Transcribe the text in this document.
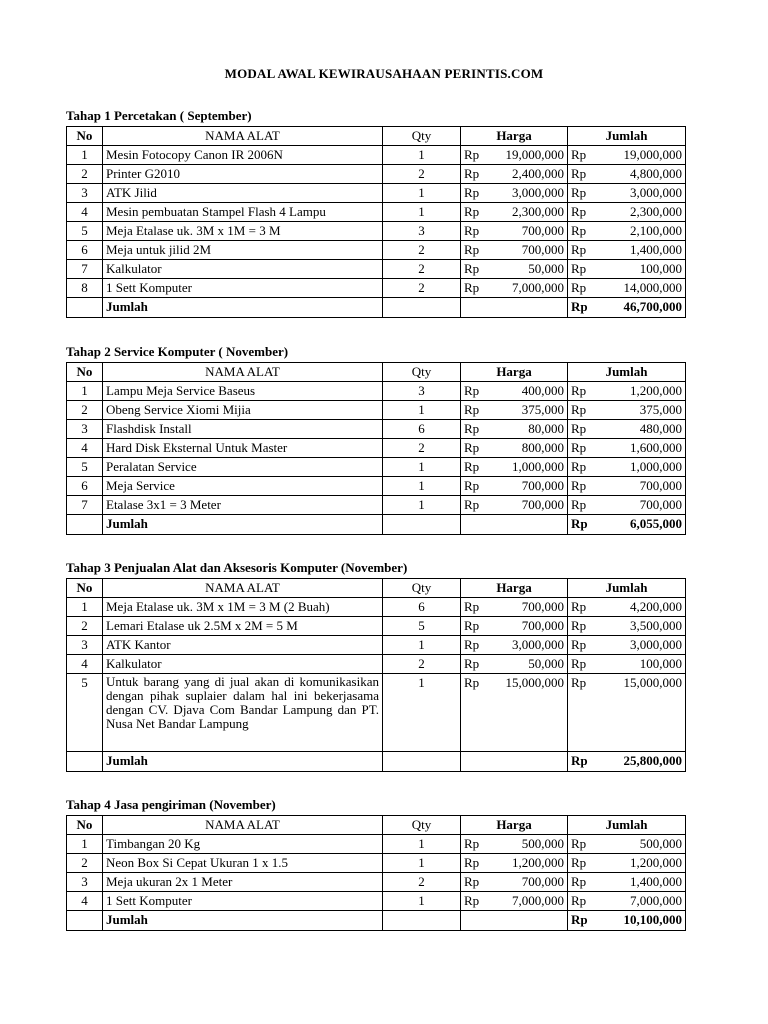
MODAL AWAL KEWIRAUSAHAAN PERINTIS.COM
Tahap 1 Percetakan ( September)
No	NAMA ALAT	Qty	Harga		Jumlah	
1	Mesin Fotocopy Canon IR 2006N	1	Rp	19,000,000	Rp	19,000,000
2	Printer G2010	2	Rp	2,400,000	Rp	4,800,000
3	ATK Jilid	1	Rp	3,000,000	Rp	3,000,000
4	Mesin pembuatan Stampel Flash 4 Lampu	1	Rp	2,300,000	Rp	2,300,000
5	Meja Etalase uk. 3M x 1M = 3 M	3	Rp	700,000	Rp	2,100,000
6	Meja untuk jilid 2M	2	Rp	700,000	Rp	1,400,000
7	Kalkulator	2	Rp	50,000	Rp	100,000
8	1 Sett Komputer	2	Rp	7,000,000	Rp	14,000,000
	Jumlah				Rp	46,700,000
Tahap 2 Service Komputer ( November)
No	NAMA ALAT	Qty	Harga		Jumlah	
1	Lampu Meja Service Baseus	3	Rp	400,000	Rp	1,200,000
2	Obeng Service Xiomi Mijia	1	Rp	375,000	Rp	375,000
3	Flashdisk Install	6	Rp	80,000	Rp	480,000
4	Hard Disk Eksternal Untuk Master	2	Rp	800,000	Rp	1,600,000
5	Peralatan Service	1	Rp	1,000,000	Rp	1,000,000
6	Meja Service	1	Rp	700,000	Rp	700,000
7	Etalase 3x1 = 3 Meter	1	Rp	700,000	Rp	700,000
	Jumlah				Rp	6,055,000
Tahap 3 Penjualan Alat dan Aksesoris Komputer (November)
No	NAMA ALAT	Qty	Harga		Jumlah	
1	Meja Etalase uk. 3M x 1M = 3 M (2 Buah)	6	Rp	700,000	Rp	4,200,000
2	Lemari Etalase uk 2.5M x 2M = 5 M	5	Rp	700,000	Rp	3,500,000
3	ATK Kantor	1	Rp	3,000,000	Rp	3,000,000
4	Kalkulator	2	Rp	50,000	Rp	100,000
5	Untuk barang yang di jual akan di komunikasikan dengan pihak suplaier dalam hal ini bekerjasama dengan CV. Djava Com Bandar Lampung dan PT. Nusa Net Bandar Lampung	1	Rp	15,000,000	Rp	15,000,000
	Jumlah				Rp	25,800,000
Tahap 4 Jasa pengiriman (November)
No	NAMA ALAT	Qty	Harga		Jumlah	
1	Timbangan 20 Kg	1	Rp	500,000	Rp	500,000
2	Neon Box Si Cepat Ukuran 1 x 1.5	1	Rp	1,200,000	Rp	1,200,000
3	Meja ukuran 2x 1 Meter	2	Rp	700,000	Rp	1,400,000
4	1 Sett Komputer	1	Rp	7,000,000	Rp	7,000,000
	Jumlah				Rp	10,100,000
